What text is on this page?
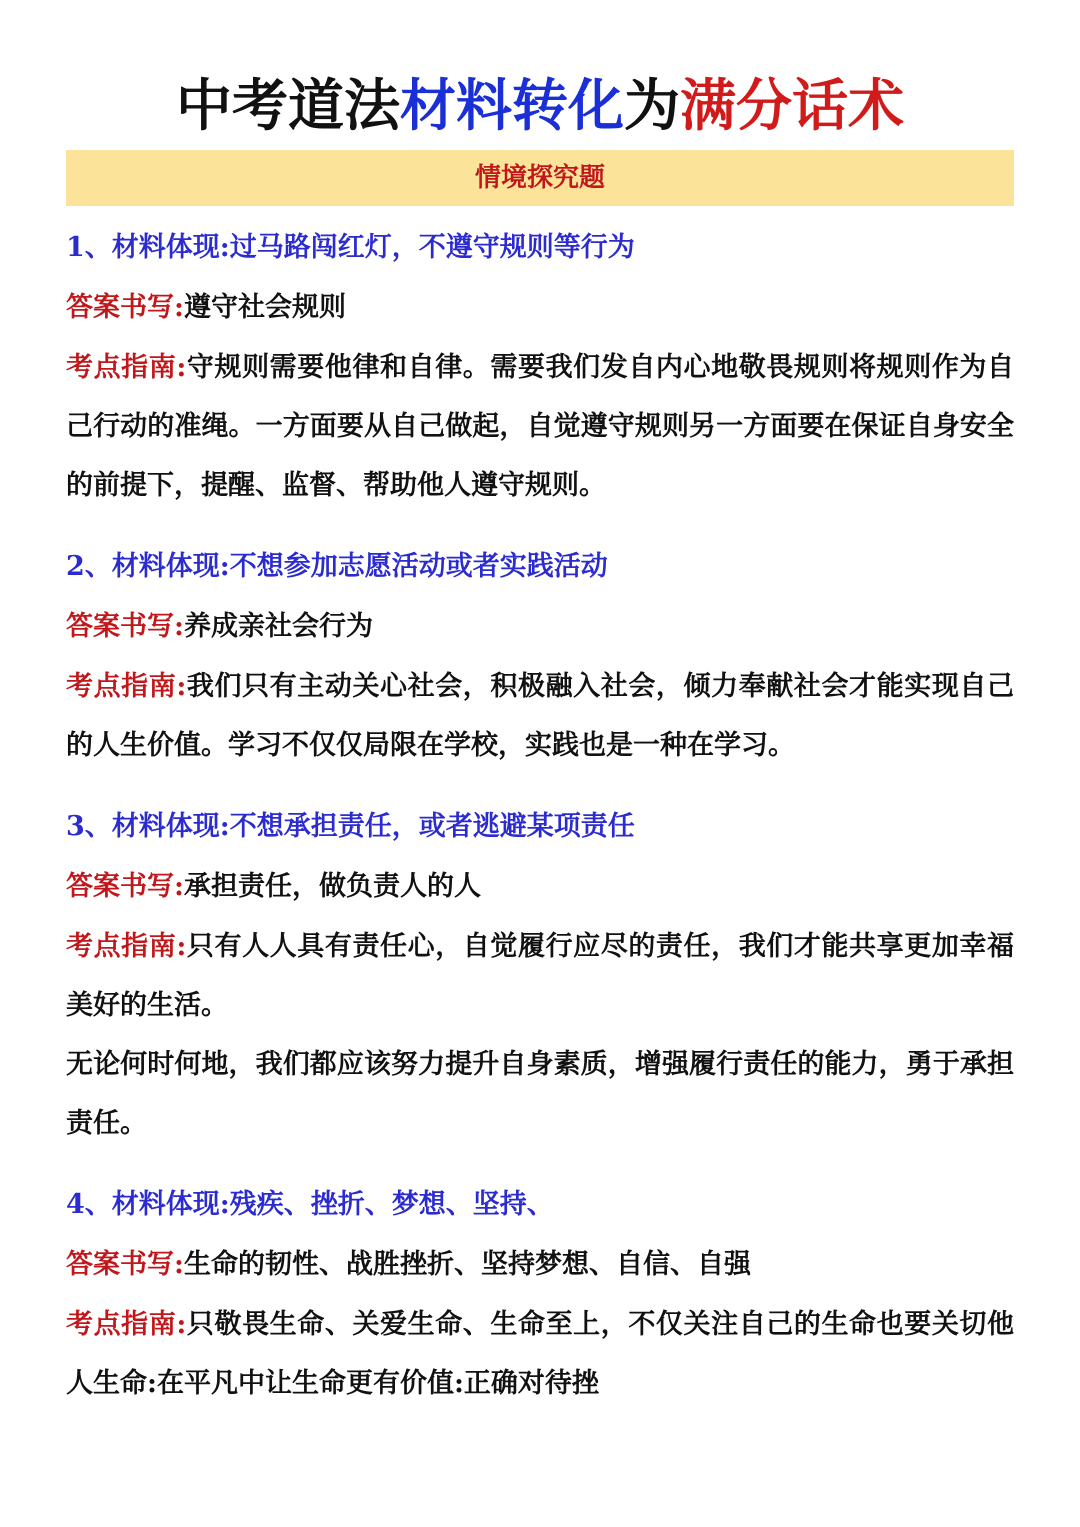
中考道法材料转化为满分话术
情境探究题
1、材料体现:过马路闯红灯，不遵守规则等行为
答案书写:遵守社会规则
考点指南:守规则需要他律和自律。需要我们发自内心地敬畏规则将规则作为自己行动的准绳。一方面要从自己做起，自觉遵守规则另一方面要在保证自身安全的前提下，提醒、监督、帮助他人遵守规则。
2、材料体现:不想参加志愿活动或者实践活动
答案书写:养成亲社会行为
考点指南:我们只有主动关心社会，积极融入社会，倾力奉献社会才能实现自己的人生价值。学习不仅仅局限在学校，实践也是一种在学习。
3、材料体现:不想承担责任，或者逃避某项责任
答案书写:承担责任，做负责人的人
考点指南:只有人人具有责任心，自觉履行应尽的责任，我们才能共享更加幸福美好的生活。
无论何时何地，我们都应该努力提升自身素质，增强履行责任的能力，勇于承担责任。
4、材料体现:残疾、挫折、梦想、坚持、
答案书写:生命的韧性、战胜挫折、坚持梦想、自信、自强
考点指南:只敬畏生命、关爱生命、生命至上，不仅关注自己的生命也要关切他人生命:在平凡中让生命更有价值:正确对待挫
